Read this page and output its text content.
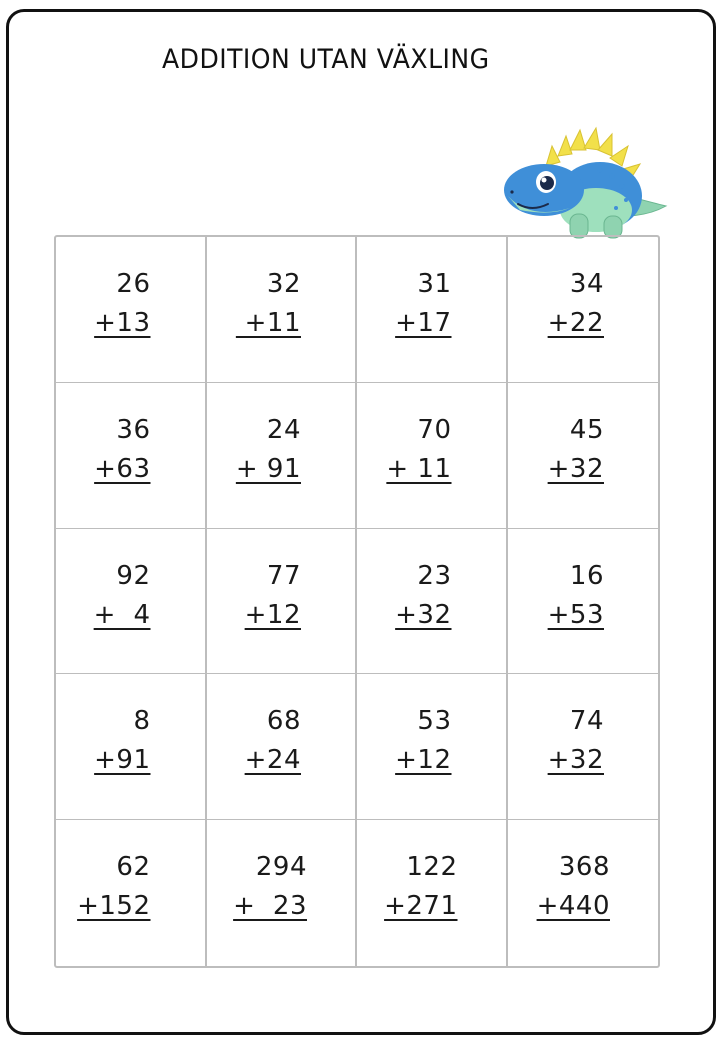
ADDITION UTAN VÄXLING
26
+13
32
+11
31
+17
34
+22
36
+63
24
+ 91
70
+ 11
45
+32
92
+  4
77
+12
23
+32
16
+53
8
+91
68
+24
53
+12
74
+32
62
+152
294
+  23
122
+271
368
+440
